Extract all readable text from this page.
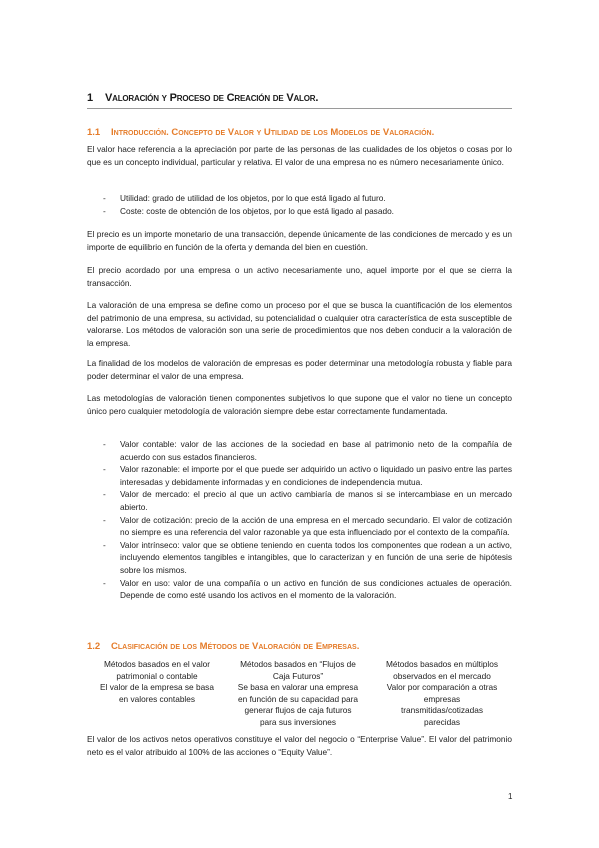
1 Valoración y Proceso de Creación de Valor.
1.1 Introducción. Concepto de Valor y Utilidad de los Modelos de Valoración.
El valor hace referencia a la apreciación por parte de las personas de las cualidades de los objetos o cosas por lo que es un concepto individual, particular y relativa. El valor de una empresa no es número necesariamente único.
- Utilidad: grado de utilidad de los objetos, por lo que está ligado al futuro.
- Coste: coste de obtención de los objetos, por lo que está ligado al pasado.
El precio es un importe monetario de una transacción, depende únicamente de las condiciones de mercado y es un importe de equilibrio en función de la oferta y demanda del bien en cuestión.
El precio acordado por una empresa o un activo necesariamente uno, aquel importe por el que se cierra la transacción.
La valoración de una empresa se define como un proceso por el que se busca la cuantificación de los elementos del patrimonio de una empresa, su actividad, su potencialidad o cualquier otra característica de esta susceptible de valorarse. Los métodos de valoración son una serie de procedimientos que nos deben conducir a la valoración de la empresa.
La finalidad de los modelos de valoración de empresas es poder determinar una metodología robusta y fiable para poder determinar el valor de una empresa.
Las metodologías de valoración tienen componentes subjetivos lo que supone que el valor no tiene un concepto único pero cualquier metodología de valoración siempre debe estar correctamente fundamentada.
- Valor contable: valor de las acciones de la sociedad en base al patrimonio neto de la compañía de acuerdo con sus estados financieros.
- Valor razonable: el importe por el que puede ser adquirido un activo o liquidado un pasivo entre las partes interesadas y debidamente informadas y en condiciones de independencia mutua.
- Valor de mercado: el precio al que un activo cambiaría de manos si se intercambiase en un mercado abierto.
- Valor de cotización: precio de la acción de una empresa en el mercado secundario. El valor de cotización no siempre es una referencia del valor razonable ya que esta influenciado por el contexto de la compañía.
- Valor intrínseco: valor que se obtiene teniendo en cuenta todos los componentes que rodean a un activo, incluyendo elementos tangibles e intangibles, que lo caracterizan y en función de una serie de hipótesis sobre los mismos.
- Valor en uso: valor de una compañía o un activo en función de sus condiciones actuales de operación. Depende de como esté usando los activos en el momento de la valoración.
1.2 Clasificación de los Métodos de Valoración de Empresas.
Métodos basados en el valor
patrimonial o contable
El valor de la empresa se basa
en valores contables
Métodos basados en “Flujos de
Caja Futuros”
Se basa en valorar una empresa
en función de su capacidad para
generar flujos de caja futuros
para sus inversiones
Métodos basados en múltiplos
observados en el mercado
Valor por comparación a otras
empresas
transmitidas/cotizadas
parecidas
El valor de los activos netos operativos constituye el valor del negocio o “Enterprise Value”. El valor del patrimonio neto es el valor atribuido al 100% de las acciones o “Equity Value”.
1
